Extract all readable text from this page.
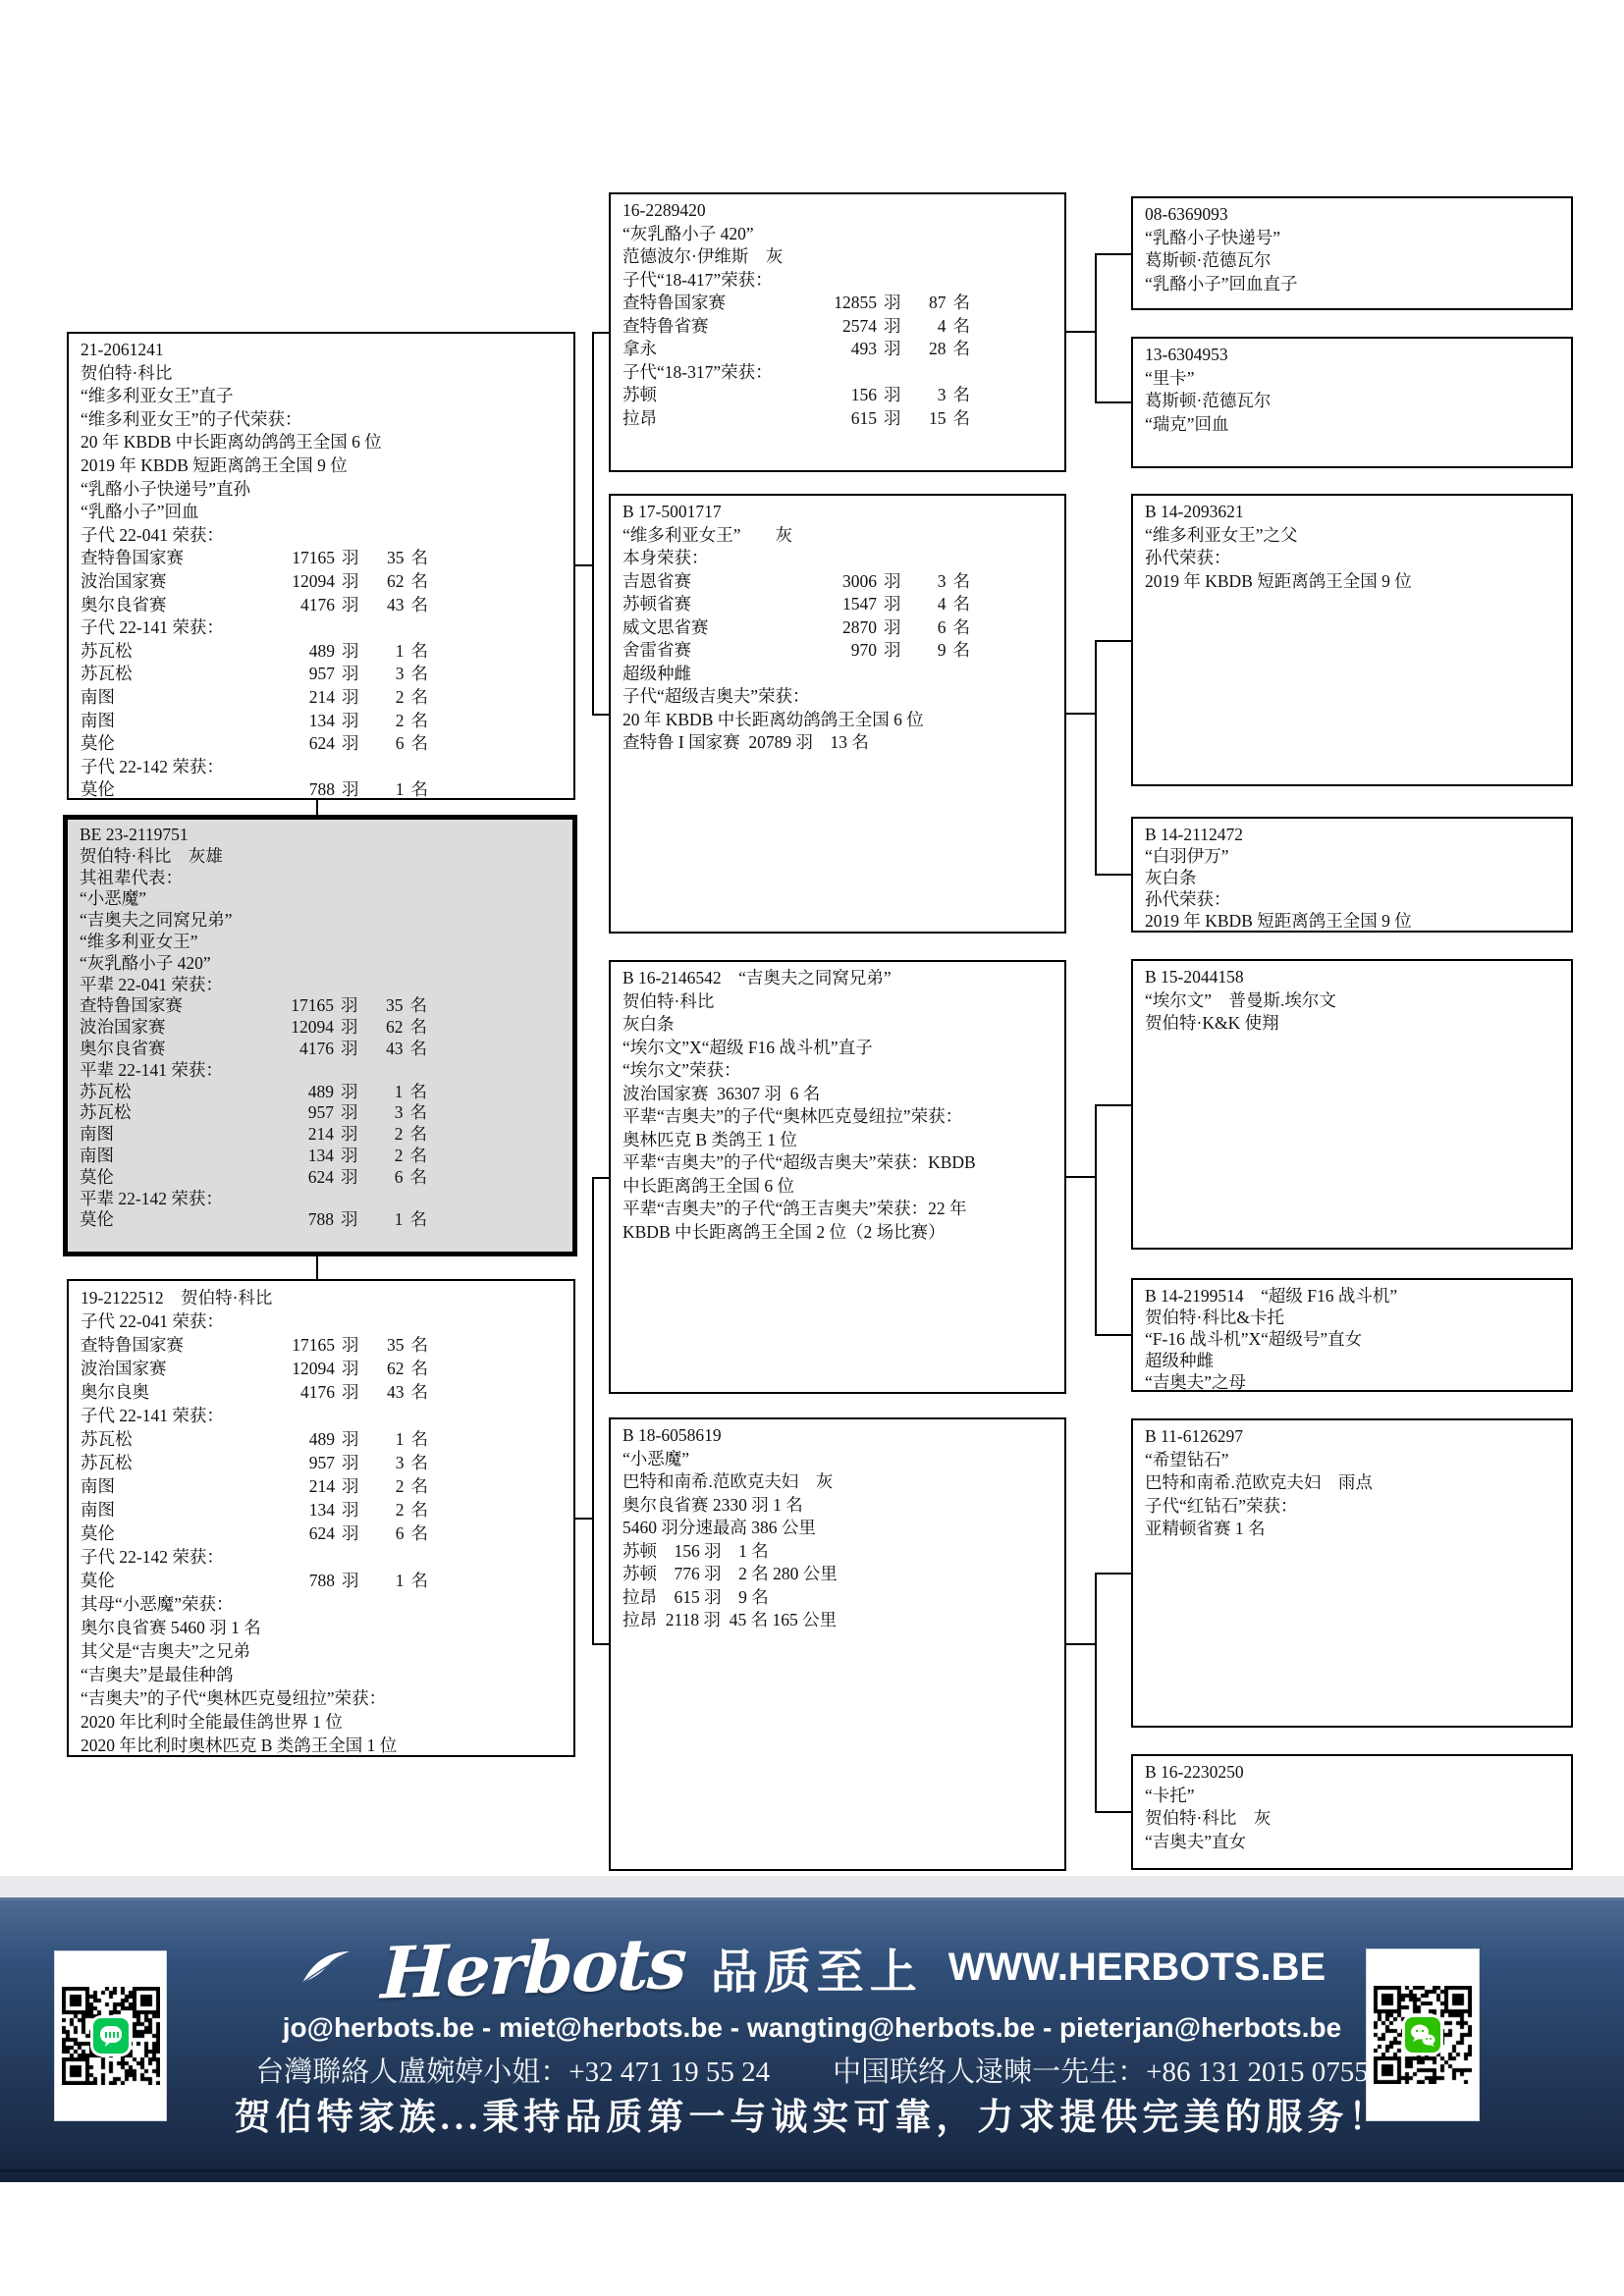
21-2061241
贺伯特·科比
“维多利亚女王”直子
“维多利亚女王”的子代荣获：
20 年 KBDB 中长距离幼鸽鸽王全国 6 位
2019 年 KBDB 短距离鸽王全国 9 位
“乳酪小子快递号”直孙
“乳酪小子”回血
子代 22-041 荣获：
查特鲁国家赛	17165 羽	35 名
波治国家赛	12094 羽	62 名
奥尔良省赛	4176 羽	43 名
子代 22-141 荣获：
苏瓦松	489 羽	1 名
苏瓦松	957 羽	3 名
南图	214 羽	2 名
南图	134 羽	2 名
莫伦	624 羽	6 名
子代 22-142 荣获：
莫伦	788 羽	1 名
BE 23-2119751
贺伯特·科比　灰雄
其祖辈代表：
“小恶魔”
“吉奥夫之同窝兄弟”
“维多利亚女王”
“灰乳酪小子 420”
平辈 22-041 荣获：
查特鲁国家赛	17165 羽	35 名
波治国家赛	12094 羽	62 名
奥尔良省赛	4176 羽	43 名
平辈 22-141 荣获：
苏瓦松	489 羽	1 名
苏瓦松	957 羽	3 名
南图	214 羽	2 名
南图	134 羽	2 名
莫伦	624 羽	6 名
平辈 22-142 荣获：
莫伦	788 羽	1 名
19-2122512　贺伯特·科比
子代 22-041 荣获：
查特鲁国家赛	17165 羽	35 名
波治国家赛	12094 羽	62 名
奥尔良奥	4176 羽	43 名
子代 22-141 荣获：
苏瓦松	489 羽	1 名
苏瓦松	957 羽	3 名
南图	214 羽	2 名
南图	134 羽	2 名
莫伦	624 羽	6 名
子代 22-142 荣获：
莫伦	788 羽	1 名
其母“小恶魔”荣获：
奥尔良省赛 5460 羽 1 名
其父是“吉奥夫”之兄弟
“吉奥夫”是最佳种鸽
“吉奥夫”的子代“奥林匹克曼纽拉”荣获：
2020 年比利时全能最佳鸽世界 1 位
2020 年比利时奥林匹克 B 类鸽王全国 1 位
16-2289420
“灰乳酪小子 420”
范德波尔·伊维斯　灰
子代“18-417”荣获：
查特鲁国家赛	12855 羽	87 名
查特鲁省赛	2574 羽	4 名
拿永	493 羽	28 名
子代“18-317”荣获：
苏顿	156 羽	3 名
拉昂	615 羽	15 名
B 17-5001717
“维多利亚女王”　　灰
本身荣获：
吉恩省赛	3006 羽	3 名
苏顿省赛	1547 羽	4 名
威文思省赛	2870 羽	6 名
舍雷省赛	970 羽	9 名
超级种雌
子代“超级吉奥夫”荣获：
20 年 KBDB 中长距离幼鸽鸽王全国 6 位
查特鲁 I 国家赛  20789 羽　13 名
B 16-2146542　“吉奥夫之同窝兄弟”
贺伯特·科比
灰白条
“埃尔文”X“超级 F16 战斗机”直子
“埃尔文”荣获：
波治国家赛  36307 羽  6 名
平辈“吉奥夫”的子代“奥林匹克曼纽拉”荣获：
奥林匹克 B 类鸽王 1 位
平辈“吉奥夫”的子代“超级吉奥夫”荣获：KBDB
中长距离鸽王全国 6 位
平辈“吉奥夫”的子代“鸽王吉奥夫”荣获：22 年
KBDB 中长距离鸽王全国 2 位（2 场比赛）
B 18-6058619
“小恶魔”
巴特和南希.范欧克夫妇　灰
奥尔良省赛 2330 羽 1 名
5460 羽分速最高 386 公里
苏顿　156 羽　1 名
苏顿　776 羽　2 名 280 公里
拉昂　615 羽　9 名
拉昂  2118 羽  45 名 165 公里
08-6369093
“乳酪小子快递号”
葛斯顿·范德瓦尔
“乳酪小子”回血直子
13-6304953
“里卡”
葛斯顿·范德瓦尔
“瑞克”回血
B 14-2093621
“维多利亚女王”之父
孙代荣获：
2019 年 KBDB 短距离鸽王全国 9 位
B 14-2112472
“白羽伊万”
灰白条
孙代荣获：
2019 年 KBDB 短距离鸽王全国 9 位
B 15-2044158
“埃尔文”　普曼斯.埃尔文
贺伯特·K&K 使翔
B 14-2199514　“超级 F16 战斗机”
贺伯特·科比&卡托
“F-16 战斗机”X“超级号”直女
超级种雌
“吉奥夫”之母
B 11-6126297
“希望钻石”
巴特和南希.范欧克夫妇　雨点
子代“红钻石”荣获：
亚精顿省赛 1 名
B 16-2230250
“卡托”
贺伯特·科比　灰
“吉奥夫”直女
Herbots 品质至上 WWW.HERBOTS.BE
jo@herbots.be - miet@herbots.be - wangting@herbots.be - pieterjan@herbots.be
台灣聯絡人盧婉婷小姐：+32 471 19 55 24 中国联络人逯暕一先生：+86 131 2015 0755
贺伯特家族...秉持品质第一与诚实可靠，力求提供完美的服务！
